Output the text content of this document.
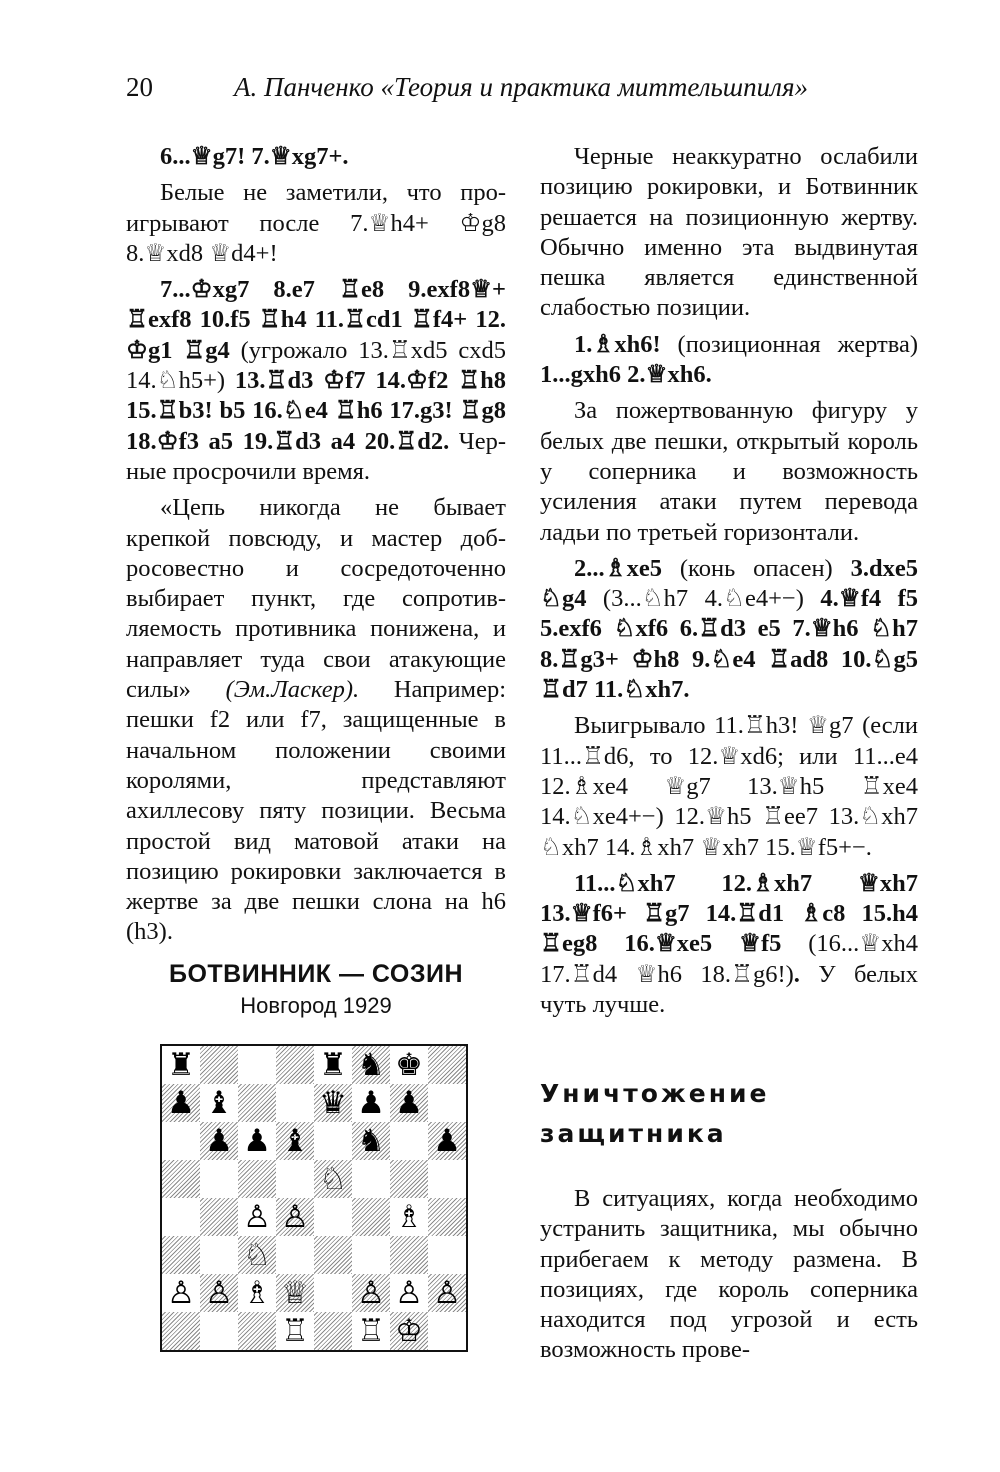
20	А. Панченко «Теория и практика миттельшпиля»

6...♕g7! 7.♕xg7+.

Белые не заметили, что проигрывают после 7.♕h4+ ♔g8 8.♕xd8 ♕d4+!

7...♔xg7 8.e7 ♖e8 9.exf8♕+ ♖exf8 10.f5 ♖h4 11.♖cd1 ♖f4+ 12. ♔g1 ♖g4 (угрожало 13.♖xd5 cxd5 14.♘h5+) 13.♖d3 ♔f7 14.♔f2 ♖h8 15.♖b3! b5 16.♘e4 ♖h6 17.g3! ♖g8 18.♔f3 a5 19.♖d3 a4 20.♖d2. Черные просрочили время.

«Цепь никогда не бывает крепкой повсюду, и мастер добросовестно и сосредоточенно выбирает пункт, где сопротивляемость противника понижена, и направляет туда свои атакующие силы» (Эм.Ласкер). Например: пешки f2 или f7, защищенные в начальном положении своими королями, представляют ахиллесову пяту позиции. Весьма простой вид матовой атаки на позицию рокировки заключается в жертве за две пешки слона на h6 (h3).

БОТВИННИК — СОЗИН
Новгород 1929
♜	♜ ♞ ♚
♟ ♝	♛ ♟ ♟
♟ ♟ ♝ ♞ ♟
♘
♙ ♙	♗
♘
♙ ♙ ♗ ♕ ♙ ♙ ♙
♖ ♖ ♔

Черные неаккуратно ослабили позицию рокировки, и Ботвинник решается на позиционную жертву. Обычно именно эта выдвинутая пешка является единственной слабостью позиции.

1.♗xh6! (позиционная жертва) 1...gxh6 2.♕xh6.

За пожертвованную фигуру у белых две пешки, открытый король у соперника и возможность усиления атаки путем перевода ладьи по третьей горизонтали.

2...♗xe5 (конь опасен) 3.dxe5 ♘g4 (3...♘h7 4.♘e4+−) 4.♕f4 f5 5.exf6 ♘xf6 6.♖d3 e5 7.♕h6 ♘h7 8.♖g3+ ♔h8 9.♘e4 ♖ad8 10.♘g5 ♖d7 11.♘xh7.

Выигрывало 11.♖h3! ♕g7 (если 11...♖d6, то 12.♕xd6; или 11...e4 12.♗xe4 ♕g7 13.♕h5 ♖xe4 14.♘xe4+−) 12.♕h5 ♖ee7 13.♘xh7 ♘xh7 14.♗xh7 ♕xh7 15.♕f5+−.

11...♘xh7 12.♗xh7 ♕xh7 13.♕f6+ ♖g7 14.♖d1 ♗c8 15.h4 ♖eg8 16.♕xe5 ♕f5 (16...♕xh4 17.♖d4 ♕h6 18.♖g6!). У белых чуть лучше.

Уничтожение
защитника

В ситуациях, когда необходимо устранить защитника, мы обычно прибегаем к методу размена. В позициях, где король соперника находится под угрозой и есть возможность прове-
